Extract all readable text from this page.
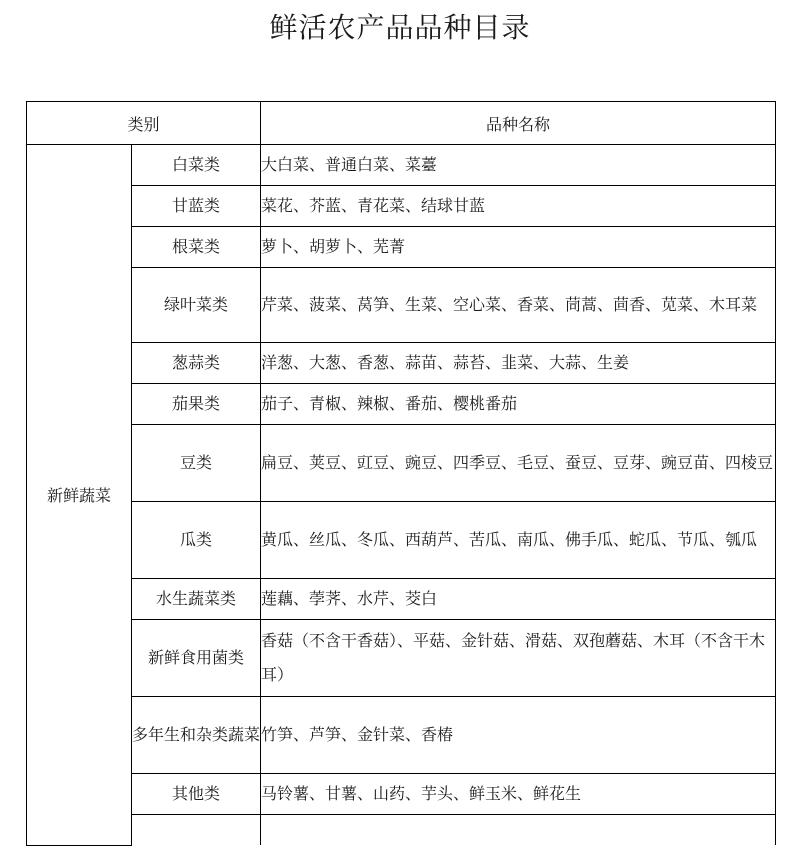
鲜活农产品品种目录
类别		品种名称
新鲜蔬菜	白菜类	大白菜、普通白菜、菜薹
	甘蓝类	菜花、芥蓝、青花菜、结球甘蓝
	根菜类	萝卜、胡萝卜、芜菁
	绿叶菜类	芹菜、菠菜、莴笋、生菜、空心菜、香菜、茼蒿、茴香、苋菜、木耳菜
	葱蒜类	洋葱、大葱、香葱、蒜苗、蒜苔、韭菜、大蒜、生姜
	茄果类	茄子、青椒、辣椒、番茄、樱桃番茄
	豆类	扁豆、荚豆、豇豆、豌豆、四季豆、毛豆、蚕豆、豆芽、豌豆苗、四棱豆
	瓜类	黄瓜、丝瓜、冬瓜、西葫芦、苦瓜、南瓜、佛手瓜、蛇瓜、节瓜、瓠瓜
	水生蔬菜类	莲藕、荸荠、水芹、茭白
	新鲜食用菌类	香菇（不含干香菇）、平菇、金针菇、滑菇、双孢蘑菇、木耳（不含干木耳）
	多年生和杂类蔬菜	竹笋、芦笋、金针菜、香椿
	其他类	马铃薯、甘薯、山药、芋头、鲜玉米、鲜花生
